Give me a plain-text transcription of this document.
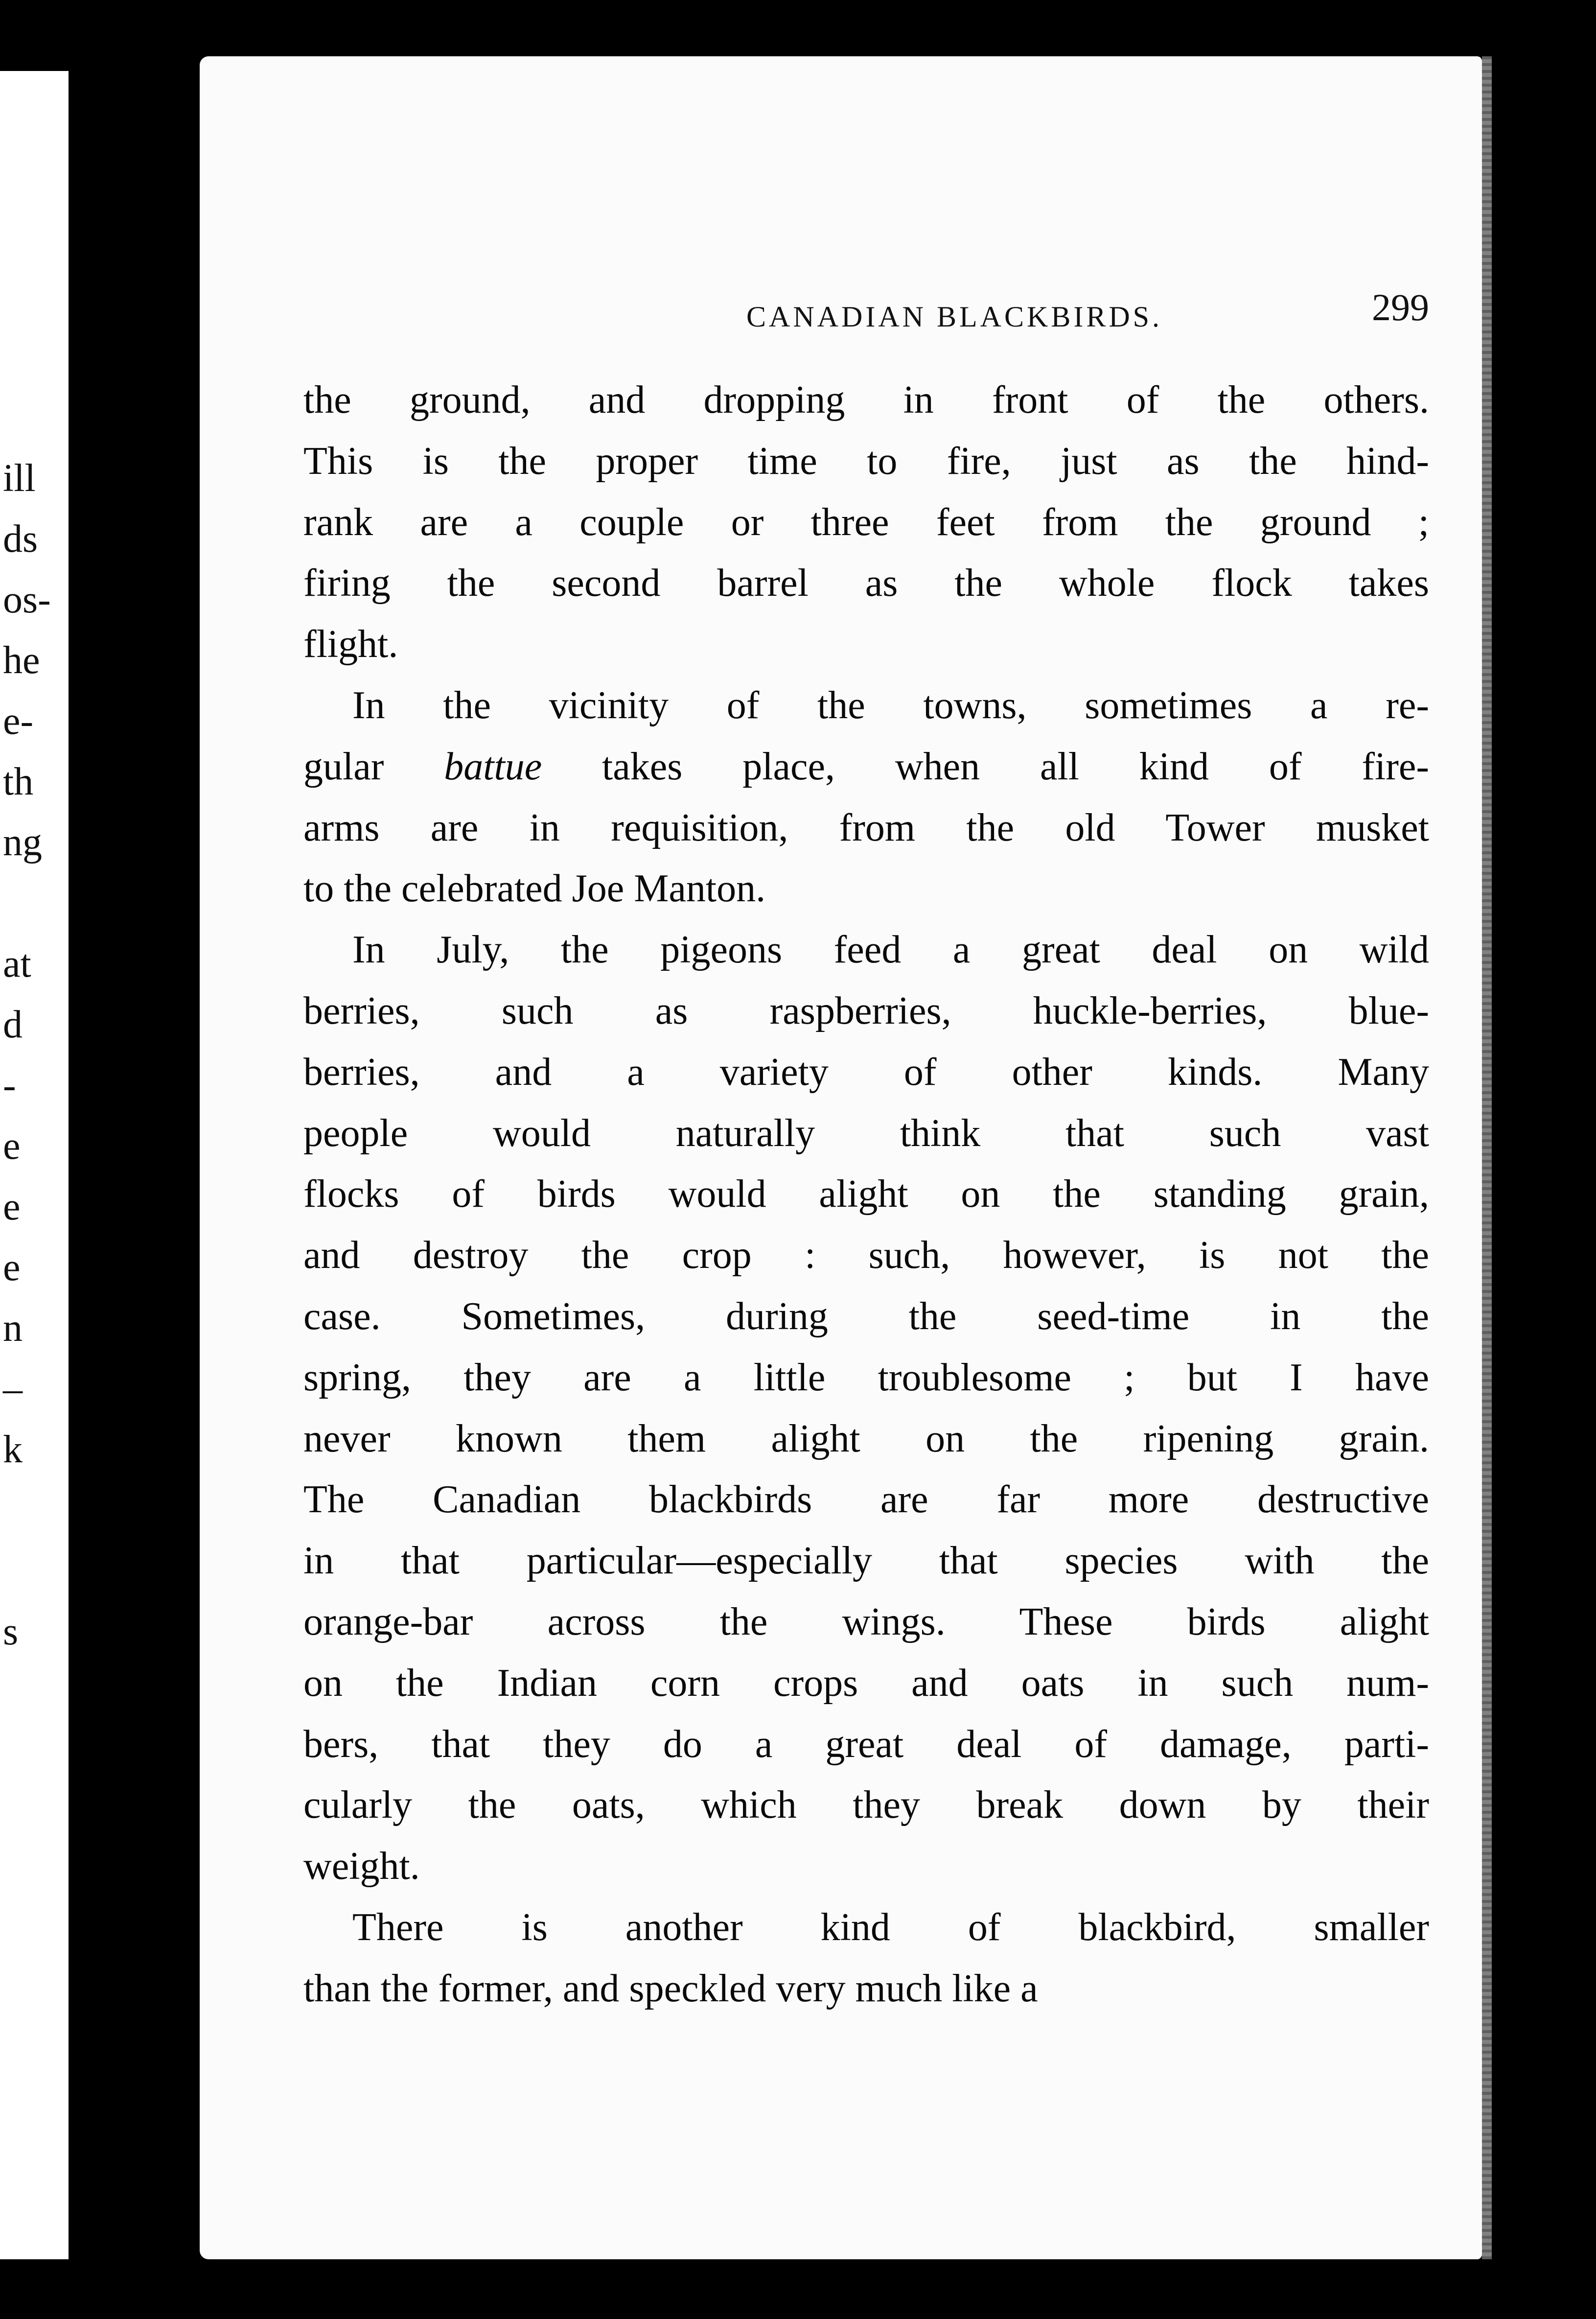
ill
ds
os-
he
e-
th
ng
at
d
-
e
e
e
n
–
k
s
CANADIAN BLACKBIRDS.	299
the ground, and dropping in front of the others.
This is the proper time to fire, just as the hind-
rank are a couple or three feet from the ground ;
firing the second barrel as the whole flock takes
flight.
In the vicinity of the towns, sometimes a re-
gular battue takes place, when all kind of fire-
arms are in requisition, from the old Tower musket
to the celebrated Joe Manton.
In July, the pigeons feed a great deal on wild
berries, such as raspberries, huckle-berries, blue-
berries, and a variety of other kinds. Many
people would naturally think that such vast
flocks of birds would alight on the standing grain,
and destroy the crop : such, however, is not the
case. Sometimes, during the seed-time in the
spring, they are a little troublesome ; but I have
never known them alight on the ripening grain.
The Canadian blackbirds are far more destructive
in that particular—especially that species with the
orange-bar across the wings. These birds alight
on the Indian corn crops and oats in such num-
bers, that they do a great deal of damage, parti-
cularly the oats, which they break down by their
weight.
There is another kind of blackbird, smaller
than the former, and speckled very much like a
